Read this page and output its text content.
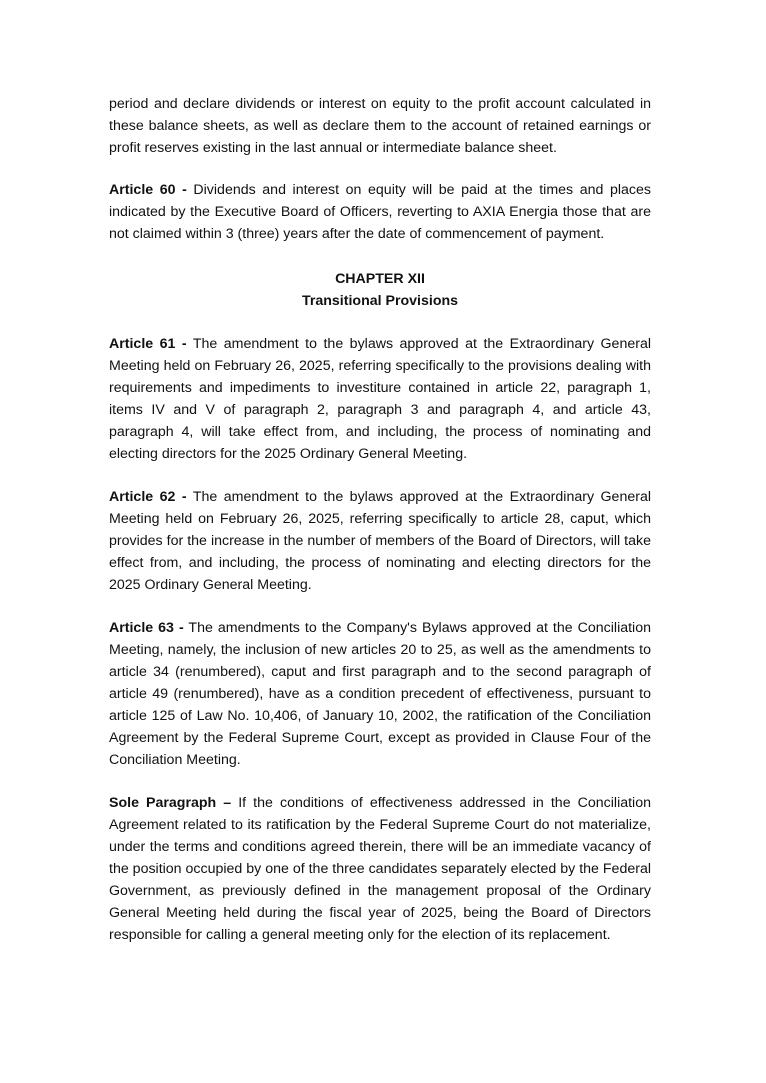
period and declare dividends or interest on equity to the profit account calculated in these balance sheets, as well as declare them to the account of retained earnings or profit reserves existing in the last annual or intermediate balance sheet.

Article 60 - Dividends and interest on equity will be paid at the times and places indicated by the Executive Board of Officers, reverting to AXIA Energia those that are not claimed within 3 (three) years after the date of commencement of payment.

CHAPTER XII
Transitional Provisions

Article 61 - The amendment to the bylaws approved at the Extraordinary General Meeting held on February 26, 2025, referring specifically to the provisions dealing with requirements and impediments to investiture contained in article 22, paragraph 1, items IV and V of paragraph 2, paragraph 3 and paragraph 4, and article 43, paragraph 4, will take effect from, and including, the process of nominating and electing directors for the 2025 Ordinary General Meeting.

Article 62 - The amendment to the bylaws approved at the Extraordinary General Meeting held on February 26, 2025, referring specifically to article 28, caput, which provides for the increase in the number of members of the Board of Directors, will take effect from, and including, the process of nominating and electing directors for the 2025 Ordinary General Meeting.

Article 63 - The amendments to the Company's Bylaws approved at the Conciliation Meeting, namely, the inclusion of new articles 20 to 25, as well as the amendments to article 34 (renumbered), caput and first paragraph and to the second paragraph of article 49 (renumbered), have as a condition precedent of effectiveness, pursuant to article 125 of Law No. 10,406, of January 10, 2002, the ratification of the Conciliation Agreement by the Federal Supreme Court, except as provided in Clause Four of the Conciliation Meeting.

Sole Paragraph – If the conditions of effectiveness addressed in the Conciliation Agreement related to its ratification by the Federal Supreme Court do not materialize, under the terms and conditions agreed therein, there will be an immediate vacancy of the position occupied by one of the three candidates separately elected by the Federal Government, as previously defined in the management proposal of the Ordinary General Meeting held during the fiscal year of 2025, being the Board of Directors responsible for calling a general meeting only for the election of its replacement.
